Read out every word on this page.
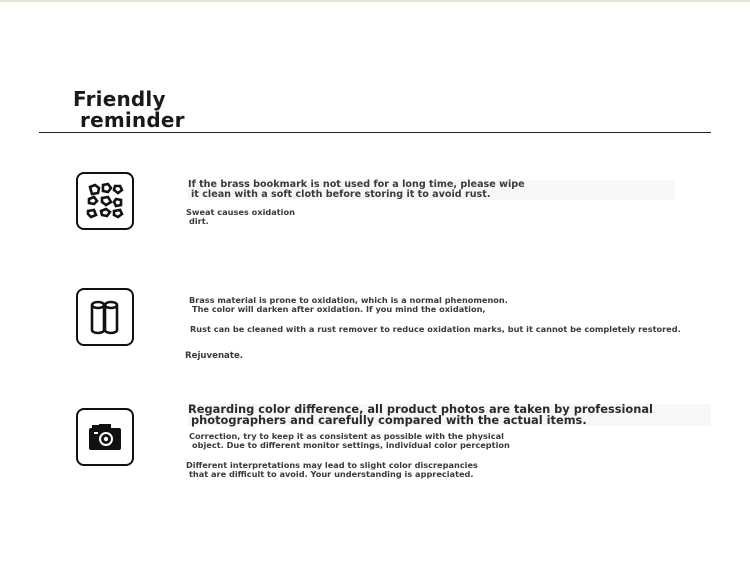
Friendly
reminder
If the brass bookmark is not used for a long time, please wipe
it clean with a soft cloth before storing it to avoid rust.
Sweat causes oxidation
dirt.
Brass material is prone to oxidation, which is a normal phenomenon.
The color will darken after oxidation. If you mind the oxidation,
Rust can be cleaned with a rust remover to reduce oxidation marks, but it cannot be completely restored.
Rejuvenate.
Regarding color difference, all product photos are taken by professional
photographers and carefully compared with the actual items.
Correction, try to keep it as consistent as possible with the physical
object. Due to different monitor settings, individual color perception
Different interpretations may lead to slight color discrepancies
that are difficult to avoid. Your understanding is appreciated.
